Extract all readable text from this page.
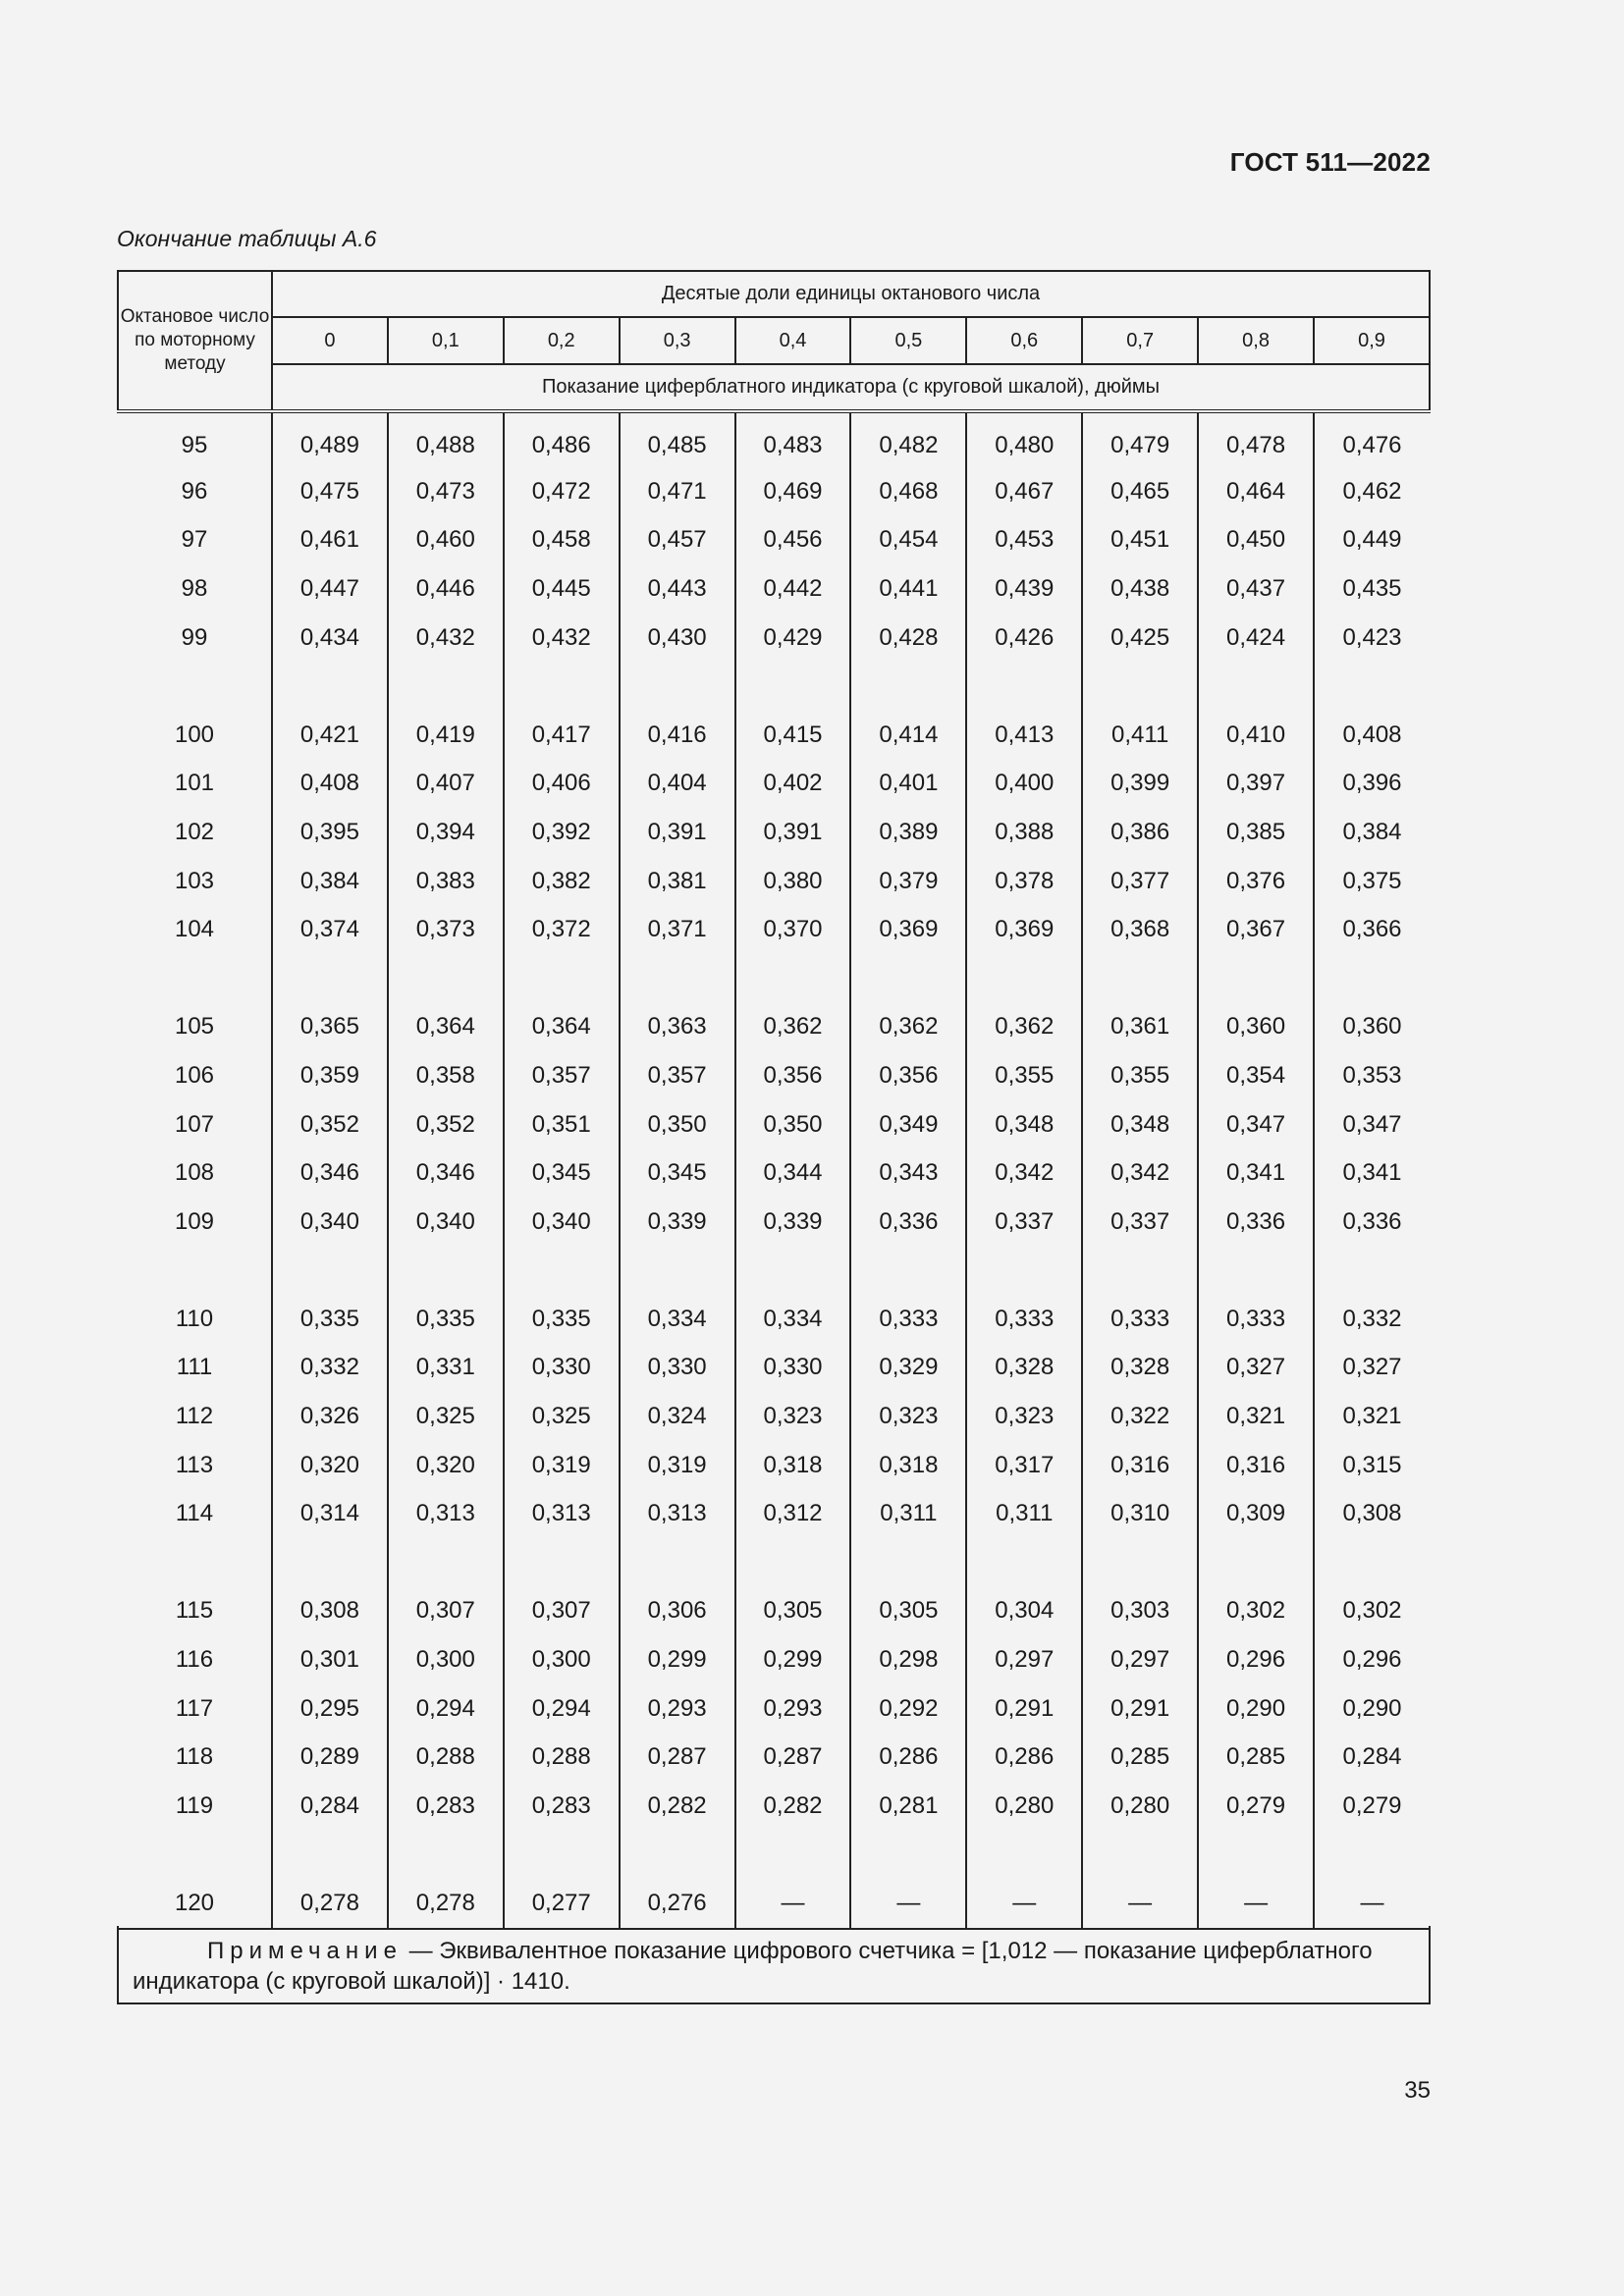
ГОСТ 511—2022
Окончание таблицы А.6
Октановое число по моторному методу	Десятые доли единицы октанового числа									
	0	0,1	0,2	0,3	0,4	0,5	0,6	0,7	0,8	0,9
	Показание циферблатного индикатора (с круговой шкалой), дюймы									
95	0,489	0,488	0,486	0,485	0,483	0,482	0,480	0,479	0,478	0,476
96	0,475	0,473	0,472	0,471	0,469	0,468	0,467	0,465	0,464	0,462
97	0,461	0,460	0,458	0,457	0,456	0,454	0,453	0,451	0,450	0,449
98	0,447	0,446	0,445	0,443	0,442	0,441	0,439	0,438	0,437	0,435
99	0,434	0,432	0,432	0,430	0,429	0,428	0,426	0,425	0,424	0,423

100	0,421	0,419	0,417	0,416	0,415	0,414	0,413	0,411	0,410	0,408
101	0,408	0,407	0,406	0,404	0,402	0,401	0,400	0,399	0,397	0,396
102	0,395	0,394	0,392	0,391	0,391	0,389	0,388	0,386	0,385	0,384
103	0,384	0,383	0,382	0,381	0,380	0,379	0,378	0,377	0,376	0,375
104	0,374	0,373	0,372	0,371	0,370	0,369	0,369	0,368	0,367	0,366

105	0,365	0,364	0,364	0,363	0,362	0,362	0,362	0,361	0,360	0,360
106	0,359	0,358	0,357	0,357	0,356	0,356	0,355	0,355	0,354	0,353
107	0,352	0,352	0,351	0,350	0,350	0,349	0,348	0,348	0,347	0,347
108	0,346	0,346	0,345	0,345	0,344	0,343	0,342	0,342	0,341	0,341
109	0,340	0,340	0,340	0,339	0,339	0,336	0,337	0,337	0,336	0,336

110	0,335	0,335	0,335	0,334	0,334	0,333	0,333	0,333	0,333	0,332
111	0,332	0,331	0,330	0,330	0,330	0,329	0,328	0,328	0,327	0,327
112	0,326	0,325	0,325	0,324	0,323	0,323	0,323	0,322	0,321	0,321
113	0,320	0,320	0,319	0,319	0,318	0,318	0,317	0,316	0,316	0,315
114	0,314	0,313	0,313	0,313	0,312	0,311	0,311	0,310	0,309	0,308

115	0,308	0,307	0,307	0,306	0,305	0,305	0,304	0,303	0,302	0,302
116	0,301	0,300	0,300	0,299	0,299	0,298	0,297	0,297	0,296	0,296
117	0,295	0,294	0,294	0,293	0,293	0,292	0,291	0,291	0,290	0,290
118	0,289	0,288	0,288	0,287	0,287	0,286	0,286	0,285	0,285	0,284
119	0,284	0,283	0,283	0,282	0,282	0,281	0,280	0,280	0,279	0,279

120	0,278	0,278	0,277	0,276	—	—	—	—	—	—
Примечание — Эквивалентное показание цифрового счетчика = [1,012 — показание циферблатного индикатора (с круговой шкалой)] · 1410.
35
